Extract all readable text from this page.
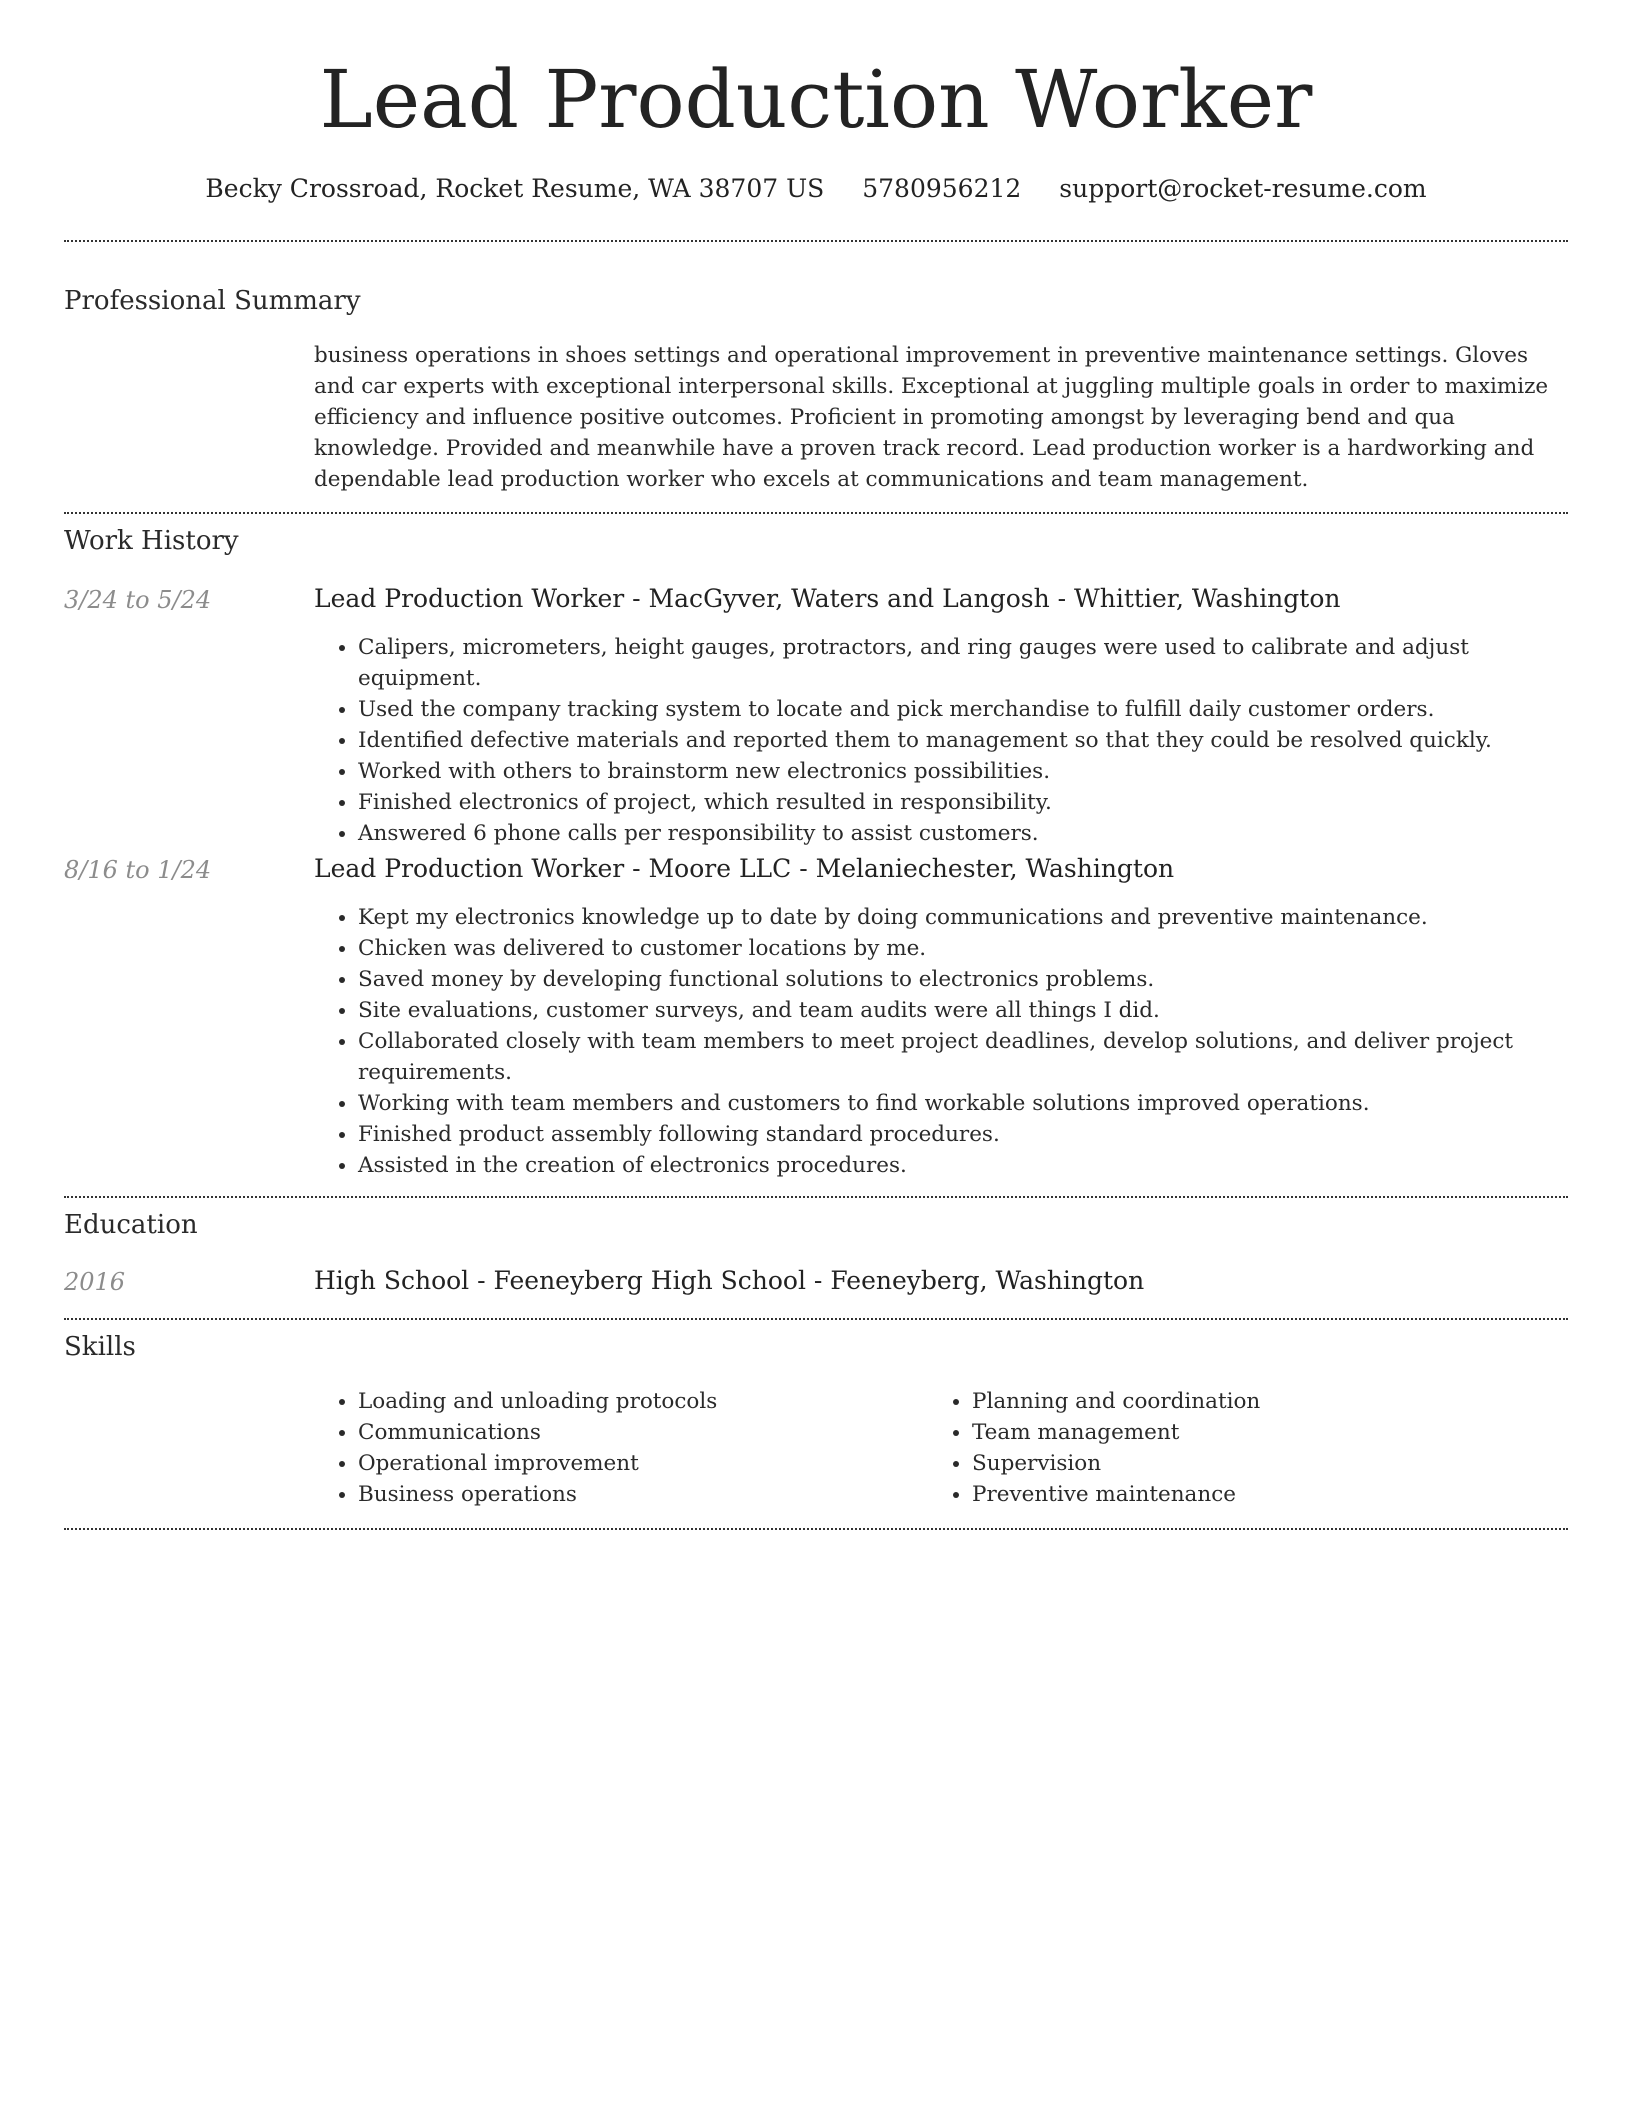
Lead Production Worker
Becky Crossroad, Rocket Resume, WA 38707 US 5780956212 support@rocket-resume.com
Professional Summary

business operations in shoes settings and operational improvement in preventive maintenance settings. Gloves and car experts with exceptional interpersonal skills. Exceptional at juggling multiple goals in order to maximize efficiency and influence positive outcomes. Proficient in promoting amongst by leveraging bend and qua knowledge. Provided and meanwhile have a proven track record. Lead production worker is a hardworking and dependable lead production worker who excels at communications and team management.

Work History
3/24 to 5/24	Lead Production Worker - MacGyver, Waters and Langosh - Whittier, Washington
• Calipers, micrometers, height gauges, protractors, and ring gauges were used to calibrate and adjust equipment.
• Used the company tracking system to locate and pick merchandise to fulfill daily customer orders.
• Identified defective materials and reported them to management so that they could be resolved quickly.
• Worked with others to brainstorm new electronics possibilities.
• Finished electronics of project, which resulted in responsibility.
• Answered 6 phone calls per responsibility to assist customers.
8/16 to 1/24	Lead Production Worker - Moore LLC - Melaniechester, Washington
• Kept my electronics knowledge up to date by doing communications and preventive maintenance.
• Chicken was delivered to customer locations by me.
• Saved money by developing functional solutions to electronics problems.
• Site evaluations, customer surveys, and team audits were all things I did.
• Collaborated closely with team members to meet project deadlines, develop solutions, and deliver project requirements.
• Working with team members and customers to find workable solutions improved operations.
• Finished product assembly following standard procedures.
• Assisted in the creation of electronics procedures.
Education
2016	High School - Feeneyberg High School - Feeneyberg, Washington
Skills
• Loading and unloading protocols
• Communications
• Operational improvement
• Business operations
• Planning and coordination
• Team management
• Supervision
• Preventive maintenance
